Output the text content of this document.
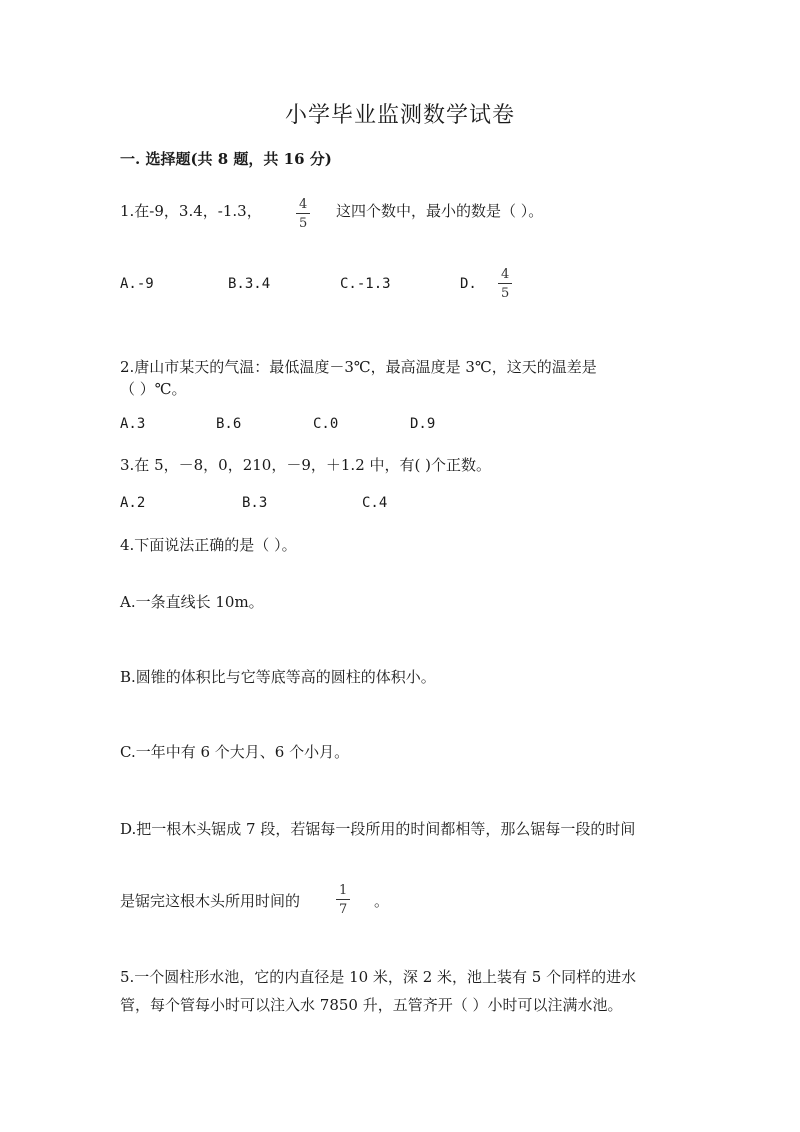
小学毕业监测数学试卷
一. 选择题(共 8 题，共 16 分)
1.在-9，3.4，-1.3，	4
5
这四个数中，最小的数是（ ）。
A.-9	B.3.4	C.-1.3	D.
4
5
2.唐山市某天的气温：最低温度－3℃，最高温度是 3℃，这天的温差是
（ ）℃。
A.3	B.6	C.0	D.9
3.在 5，－8，0，210，－9，＋1.2 中，有( )个正数。
A.2	B.3	C.4
4.下面说法正确的是（ ）。
A.一条直线长 10m。
B.圆锥的体积比与它等底等高的圆柱的体积小。
C.一年中有 6 个大月、6 个小月。
D.把一根木头锯成 7 段，若锯每一段所用的时间都相等，那么锯每一段的时间
是锯完这根木头所用时间的
1
7 。
5.一个圆柱形水池，它的内直径是 10 米，深 2 米，池上装有 5 个同样的进水
管，每个管每小时可以注入水 7850 升，五管齐开（ ）小时可以注满水池。
